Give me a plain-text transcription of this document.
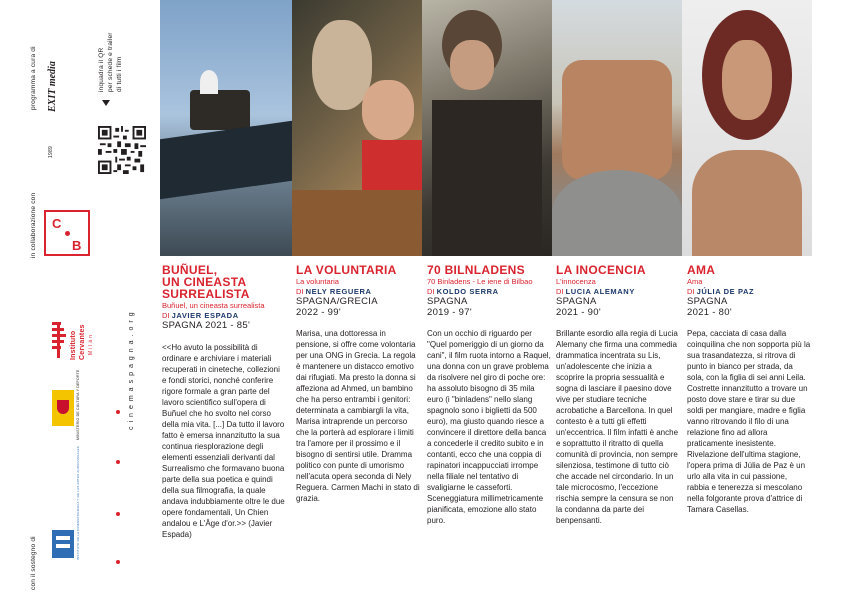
programma a cura di EXIT media
1989
inquadra il QR per schede e trailer di tutti i film
in collaborazione con C
B
Instituto Cervantes Milán
MINISTERIO DE CULTURA Y DEPORTE
INSTITUTO DE LA CINEMATOGRAFÍA Y DE LAS ARTES AUDIOVISUALES
cinemaspagna.org
con il sostegno di
BUÑUEL,
UN CINEASTA
SURREALISTA
Buñuel, un cineasta surrealista
DI JAVIER ESPADA
SPAGNA 2021 - 85'
<<Ho avuto la possibilità di ordinare e archiviare i materiali recuperati in cineteche, collezioni e fondi storici, nonché conferire rigore formale a gran parte del lavoro scientifico sull'opera di Buñuel che ho svolto nel corso della mia vita. [...] Da tutto il lavoro fatto è emersa innanzitutto la sua continua riesplorazione degli elementi essenziali derivanti dal Surrealismo che formavano buona parte della sua poetica e quindi della sua filmografia, la quale andava indubbiamente oltre le due opere fondamentali, Un Chien andalou e L'Âge d'or.>> (Javier Espada)
LA VOLUNTARIA
La voluntaria
DI NELY REGUERA
SPAGNA/GRECIA
2022 - 99'
Marisa, una dottoressa in pensione, si offre come volontaria per una ONG in Grecia. La regola è mantenere un distacco emotivo dai rifugiati. Ma presto la donna si affeziona ad Ahmed, un bambino che ha perso entrambi i genitori: determinata a cambiargli la vita, Marisa intraprende un percorso che la porterà ad esplorare i limiti tra l'amore per il prossimo e il bisogno di sentirsi utile. Dramma politico con punte di umorismo nell'acuta opera seconda di Nely Reguera. Carmen Machi in stato di grazia.
70 BILNLADENS
70 Binladens - Le iene di Bilbao
DI KOLDO SERRA
SPAGNA
2019 - 97'
Con un occhio di riguardo per "Quel pomeriggio di un giorno da cani", il film ruota intorno a Raquel, una donna con un grave problema da risolvere nel giro di poche ore: ha assoluto bisogno di 35 mila euro (i "binladens" nello slang spagnolo sono i biglietti da 500 euro), ma giusto quando riesce a convincere il direttore della banca a concederle il credito subito e in contanti, ecco che una coppia di rapinatori incappucciati irrompe nella filiale nel tentativo di svaligiarne le casseforti. Sceneggiatura millimetricamente pianificata, emozione allo stato puro.
LA INOCENCIA
L'innocenza
DI LUCIA ALEMANY
SPAGNA
2021 - 90'
Brillante esordio alla regia di Lucia Alemany che firma una commedia drammatica incentrata su Lis, un'adolescente che inizia a scoprire la propria sessualità e sogna di lasciare il paesino dove vive per studiare tecniche acrobatiche a Barcellona. In quel contesto è a tutti gli effetti un'eccentrica. Il film infatti è anche e soprattutto il ritratto di quella comunità di provincia, non sempre silenziosa, testimone di tutto ciò che accade nel circondario. In un tale microcosmo, l'eccezione rischia sempre la censura se non la condanna da parte dei benpensanti.
AMA
Ama
DI JÚLIA DE PAZ
SPAGNA
2021 - 80'
Pepa, cacciata di casa dalla coinquilina che non sopporta più la sua trasandatezza, si ritrova di punto in bianco per strada, da sola, con la figlia di sei anni Leila. Costrette innanzitutto a trovare un posto dove stare e tirar su due soldi per mangiare, madre e figlia vanno ritrovando il filo di una relazione fino ad allora praticamente inesistente. Rivelazione dell'ultima stagione, l'opera prima di Júlia de Paz è un urlo alla vita in cui passione, rabbia e tenerezza si mescolano nella folgorante prova d'attrice di Tamara Casellas.
